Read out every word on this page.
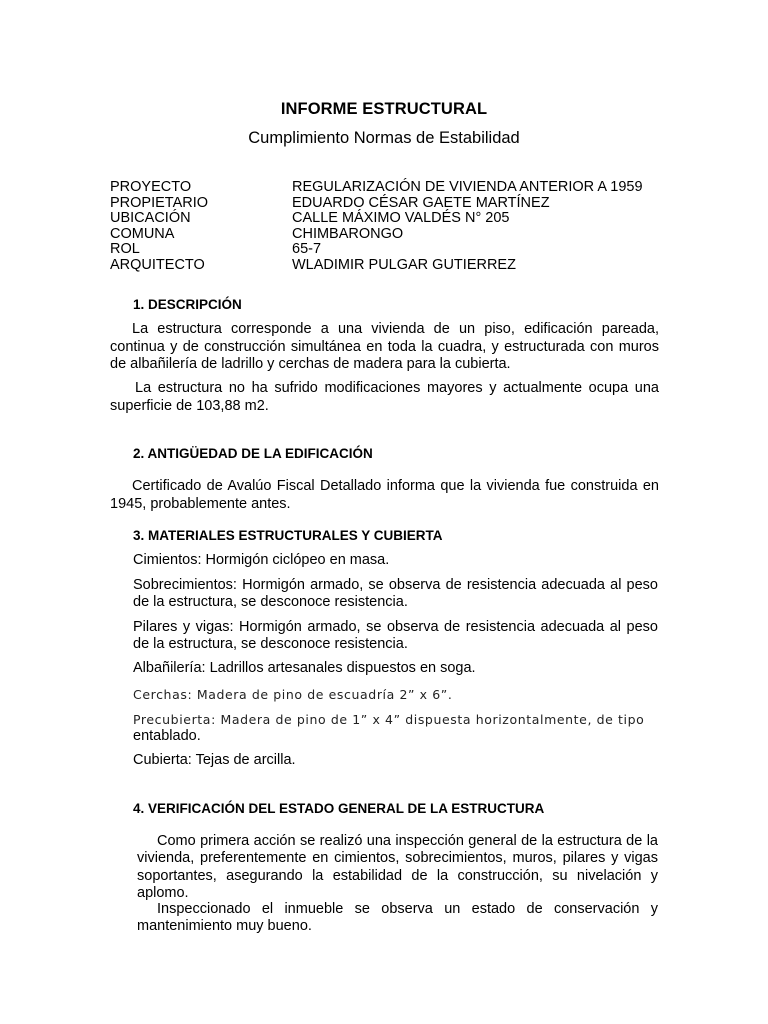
INFORME ESTRUCTURAL
Cumplimiento Normas de Estabilidad
PROYECTO	REGULARIZACIÓN DE VIVIENDA ANTERIOR A 1959
PROPIETARIO	EDUARDO CÉSAR GAETE MARTÍNEZ
UBICACIÓN	CALLE MÁXIMO VALDÉS N° 205
COMUNA	CHIMBARONGO
ROL	65-7
ARQUITECTO	WLADIMIR PULGAR GUTIERREZ
1. DESCRIPCIÓN
La estructura corresponde a una vivienda de un piso, edificación pareada, continua y de construcción simultánea en toda la cuadra, y estructurada con muros de albañilería de ladrillo y cerchas de madera para la cubierta.
La estructura no ha sufrido modificaciones mayores y actualmente ocupa una superficie de 103,88 m2.
2. ANTIGÜEDAD DE LA EDIFICACIÓN
Certificado de Avalúo Fiscal Detallado informa que la vivienda fue construida en 1945, probablemente antes.
3. MATERIALES ESTRUCTURALES Y CUBIERTA
Cimientos: Hormigón ciclópeo en masa.
Sobrecimientos: Hormigón armado, se observa de resistencia adecuada al peso de la estructura, se desconoce resistencia.
Pilares y vigas: Hormigón armado, se observa de resistencia adecuada al peso de la estructura, se desconoce resistencia.
Albañilería: Ladrillos artesanales dispuestos en soga.
Cerchas: Madera de pino de escuadría 2” x 6”.
Precubierta: Madera de pino de 1” x 4” dispuesta horizontalmente, de tipo
entablado.
Cubierta: Tejas de arcilla.
4. VERIFICACIÓN DEL ESTADO GENERAL DE LA ESTRUCTURA
Como primera acción se realizó una inspección general de la estructura de la vivienda, preferentemente en cimientos, sobrecimientos, muros, pilares y vigas soportantes, asegurando la estabilidad de la construcción, su nivelación y aplomo.
Inspeccionado el inmueble se observa un estado de conservación y mantenimiento muy bueno.
